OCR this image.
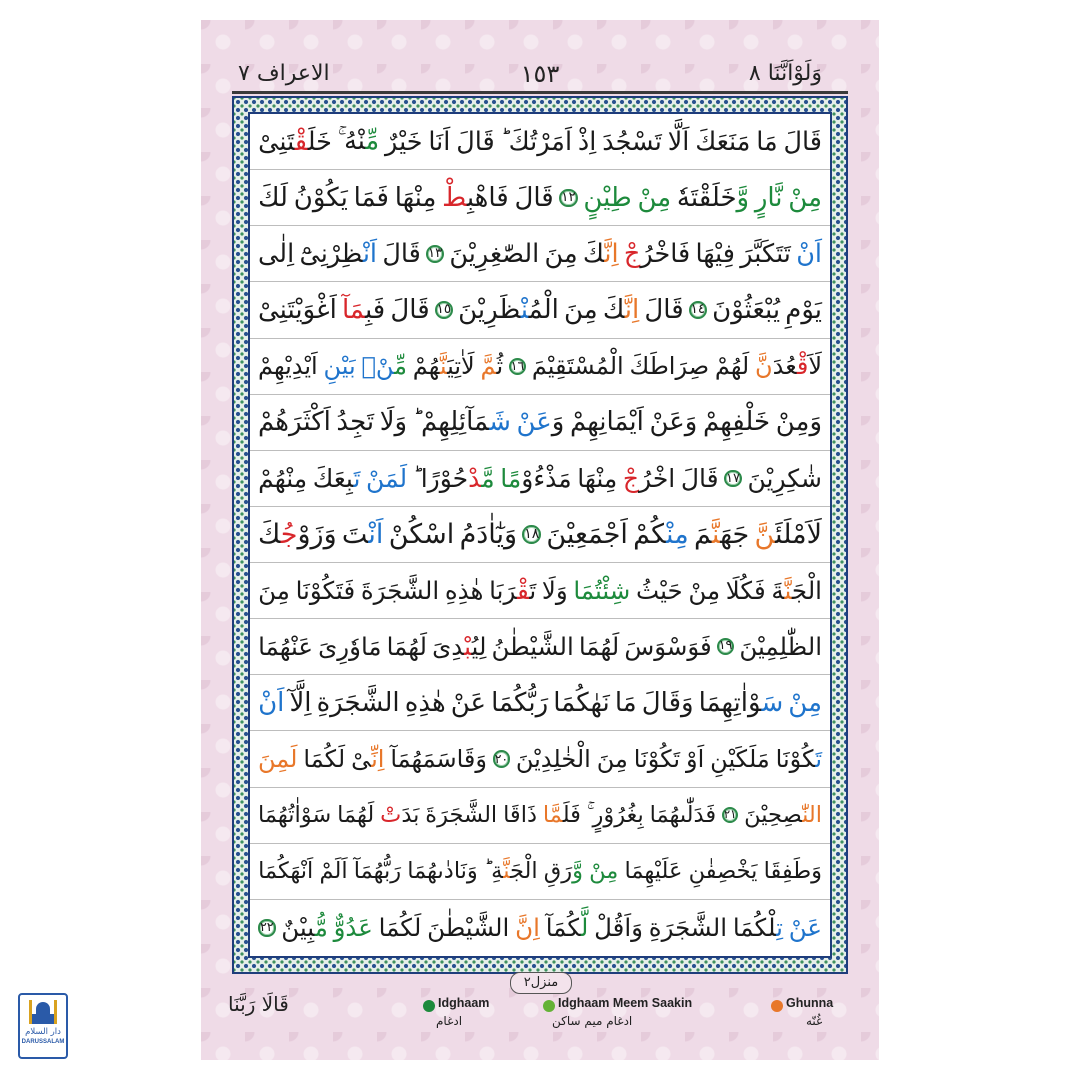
الاعراف ٧	١٥٣	وَلَوْاَنَّنَا ٨
قَالَ
مَا
مَنَعَكَ
اَلَّا
تَسْجُدَ
اِذْ
اَمَرْتُكَ ؕ
قَالَ
اَنَا
خَيْرٌ
مِّنْهُ ۚ
خَلَقْتَنِىْ
مِنْ
نَّارٍ
وَّخَلَقْتَهٗ
مِنْ
طِيْنٍ
١٢
قَالَ
فَاهْبِطْ
مِنْهَا
فَمَا
يَكُوْنُ
لَكَ
اَنْ
تَتَكَبَّرَ
فِيْهَا
فَاخْرُجْ
اِنَّكَ
مِنَ
الصّٰغِرِيْنَ
١٣
قَالَ
اَنْظِرْنِىْٓ
اِلٰى
يَوْمِ
يُبْعَثُوْنَ
١٤
قَالَ
اِنَّكَ
مِنَ
الْمُنْظَرِيْنَ
١٥
قَالَ
فَبِمَآ
اَغْوَيْتَنِىْ
لَاَقْعُدَنَّ
لَهُمْ
صِرَاطَكَ
الْمُسْتَقِيْمَ
١٦
ثُمَّ
لَاٰتِيَنَّهُمْ
مِّنْۢ
بَيْنِ
اَيْدِيْهِمْ
وَمِنْ
خَلْفِهِمْ
وَعَنْ
اَيْمَانِهِمْ
وَعَنْ
شَمَآئِلِهِمْ ؕ
وَلَا
تَجِدُ
اَكْثَرَهُمْ
شٰكِرِيْنَ
١٧
قَالَ
اخْرُجْ
مِنْهَا
مَذْءُوْمًا
مَّدْحُوْرًا ؕ
لَمَنْ
تَبِعَكَ
مِنْهُمْ
لَاَمْلَئَنَّ
جَهَنَّمَ
مِنْكُمْ
اَجْمَعِيْنَ
١٨
وَيٰٓاٰدَمُ
اسْكُنْ
اَنْتَ
وَزَوْجُكَ
الْجَنَّةَ
فَكُلَا
مِنْ
حَيْثُ
شِئْتُمَا
وَلَا
تَقْرَبَا
هٰذِهِ
الشَّجَرَةَ
فَتَكُوْنَا
مِنَ
الظّٰلِمِيْنَ
١٩
فَوَسْوَسَ
لَهُمَا
الشَّيْطٰنُ
لِيُبْدِىَ
لَهُمَا
مَاوٗرِىَ
عَنْهُمَا
مِنْ
سَوْاٰتِهِمَا
وَقَالَ
مَا
نَهٰكُمَا
رَبُّكُمَا
عَنْ
هٰذِهِ
الشَّجَرَةِ
اِلَّآ
اَنْ
تَكُوْنَا
مَلَكَيْنِ
اَوْ
تَكُوْنَا
مِنَ
الْخٰلِدِيْنَ
٢٠
وَقَاسَمَهُمَآ
اِنِّىْ
لَكُمَا
لَمِنَ
النّٰصِحِيْنَ
٢١
فَدَلّٰىهُمَا
بِغُرُوْرٍ ۚ
فَلَمَّا
ذَاقَا
الشَّجَرَةَ
بَدَتْ
لَهُمَا
سَوْاٰتُهُمَا
وَطَفِقَا
يَخْصِفٰنِ
عَلَيْهِمَا
مِنْ
وَّرَقِ
الْجَنَّةِ ؕ
وَنَادٰىهُمَا
رَبُّهُمَآ
اَلَمْ
اَنْهَكُمَا
عَنْ
تِلْكُمَا
الشَّجَرَةِ
وَاَقُلْ
لَّكُمَآ
اِنَّ
الشَّيْطٰنَ
لَكُمَا
عَدُوٌّ
مُّبِيْنٌ
٢٢
منزل٢
قَالَا رَبَّنَا	Idghaam
ادغام
Idghaam Meem Saakin
ادغام میم ساکن
Ghunna
غُنّه
دار السلام
DARUSSALAM
